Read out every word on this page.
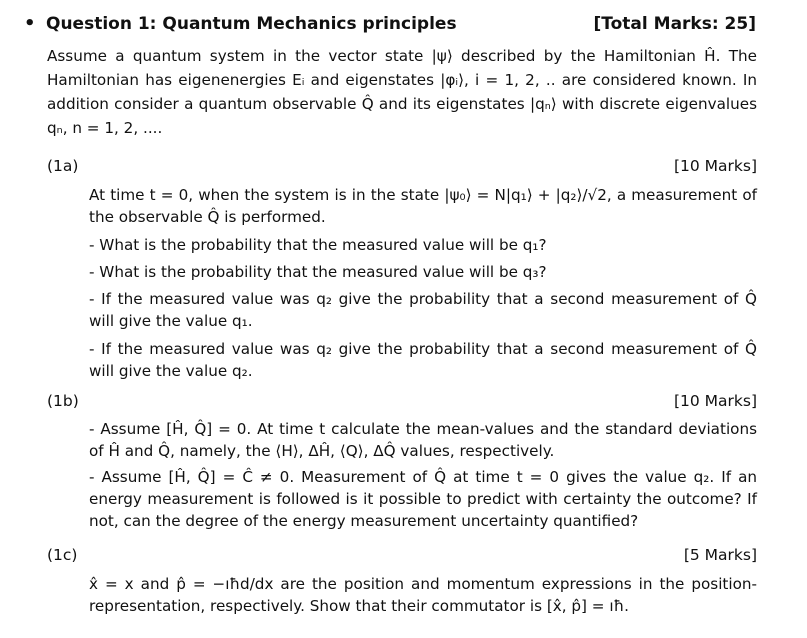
• Question 1: Quantum Mechanics principles	[Total Marks: 25]

Assume a quantum system in the vector state |ψ⟩ described by the Hamiltonian Ĥ. The Hamiltonian has eigenenergies Eᵢ and eigenstates |φᵢ⟩, i = 1, 2, .. are considered known. In addition consider a quantum observable Q̂ and its eigenstates |qₙ⟩ with discrete eigenvalues qₙ, n = 1, 2, ....

(1a)	[10 Marks]

At time t = 0, when the system is in the state |ψ₀⟩ = N|q₁⟩ + |q₂⟩/√2, a measurement of the observable Q̂ is performed.

- What is the probability that the measured value will be q₁?

- What is the probability that the measured value will be q₃?

- If the measured value was q₂ give the probability that a second measurement of Q̂ will give the value q₁.

- If the measured value was q₂ give the probability that a second measurement of Q̂ will give the value q₂.

(1b)	[10 Marks]

- Assume [Ĥ, Q̂] = 0. At time t calculate the mean-values and the standard deviations of Ĥ and Q̂, namely, the ⟨H⟩, ΔĤ, ⟨Q⟩, ΔQ̂ values, respectively.

- Assume [Ĥ, Q̂] = Ĉ ≠ 0. Measurement of Q̂ at time t = 0 gives the value q₂. If an energy measurement is followed is it possible to predict with certainty the outcome? If not, can the degree of the energy measurement uncertainty quantified?

(1c)	[5 Marks]

x̂ = x and p̂ = −ıħd/dx are the position and momentum expressions in the position-representation, respectively. Show that their commutator is [x̂, p̂] = ıħ.
